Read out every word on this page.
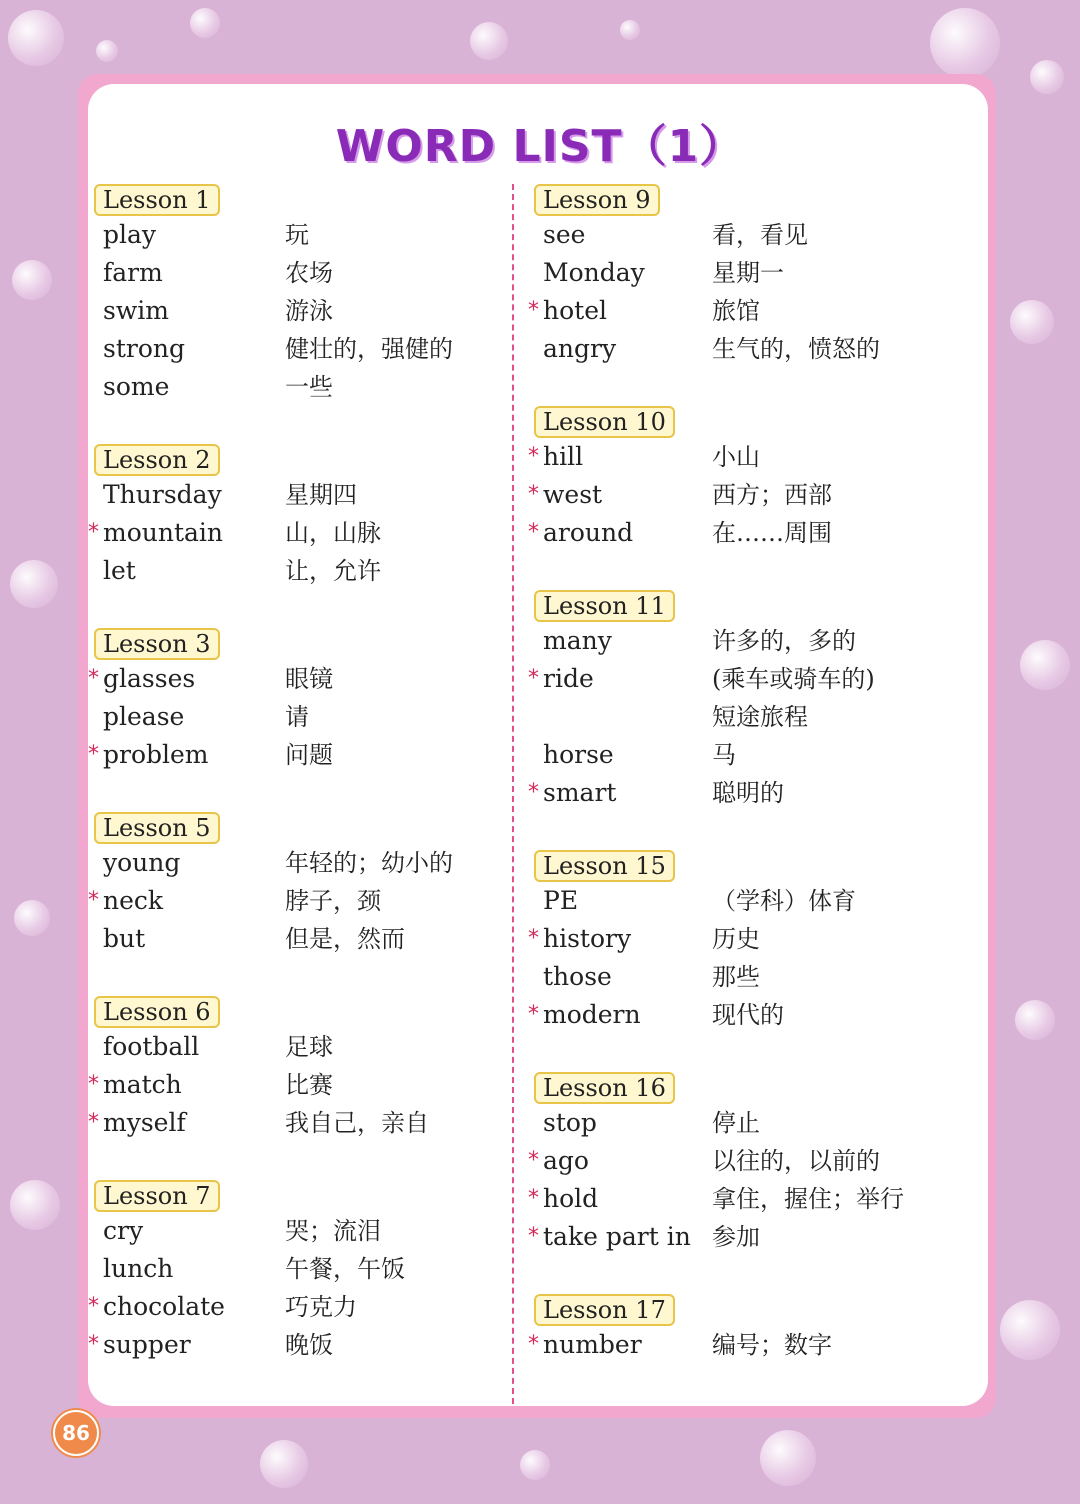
WORD LIST（1）
Lesson 1
play	玩
farm	农场
swim	游泳
strong	健壮的，强健的
some	一些
Lesson 2
Thursday	星期四
* mountain	山，山脉
let	让，允许
Lesson 3
* glasses	眼镜
please	请
* problem	问题
Lesson 5
young	年轻的；幼小的
* neck	脖子，颈
but	但是，然而
Lesson 6
football	足球
* match	比赛
* myself	我自己，亲自
Lesson 7
cry	哭；流泪
lunch	午餐，午饭
* chocolate	巧克力
* supper	晚饭
Lesson 9
see	看，看见
Monday	星期一
* hotel	旅馆
angry	生气的，愤怒的
Lesson 10
* hill	小山
* west	西方；西部
* around	在……周围
Lesson 11
many	许多的，多的
* ride	(乘车或骑车的)
短途旅程
horse	马
* smart	聪明的
Lesson 15
PE	（学科）体育
* history	历史
those	那些
* modern	现代的
Lesson 16
stop	停止
* ago	以往的，以前的
* hold	拿住，握住；举行
* take part in 参加
Lesson 17
* number	编号；数字
86
